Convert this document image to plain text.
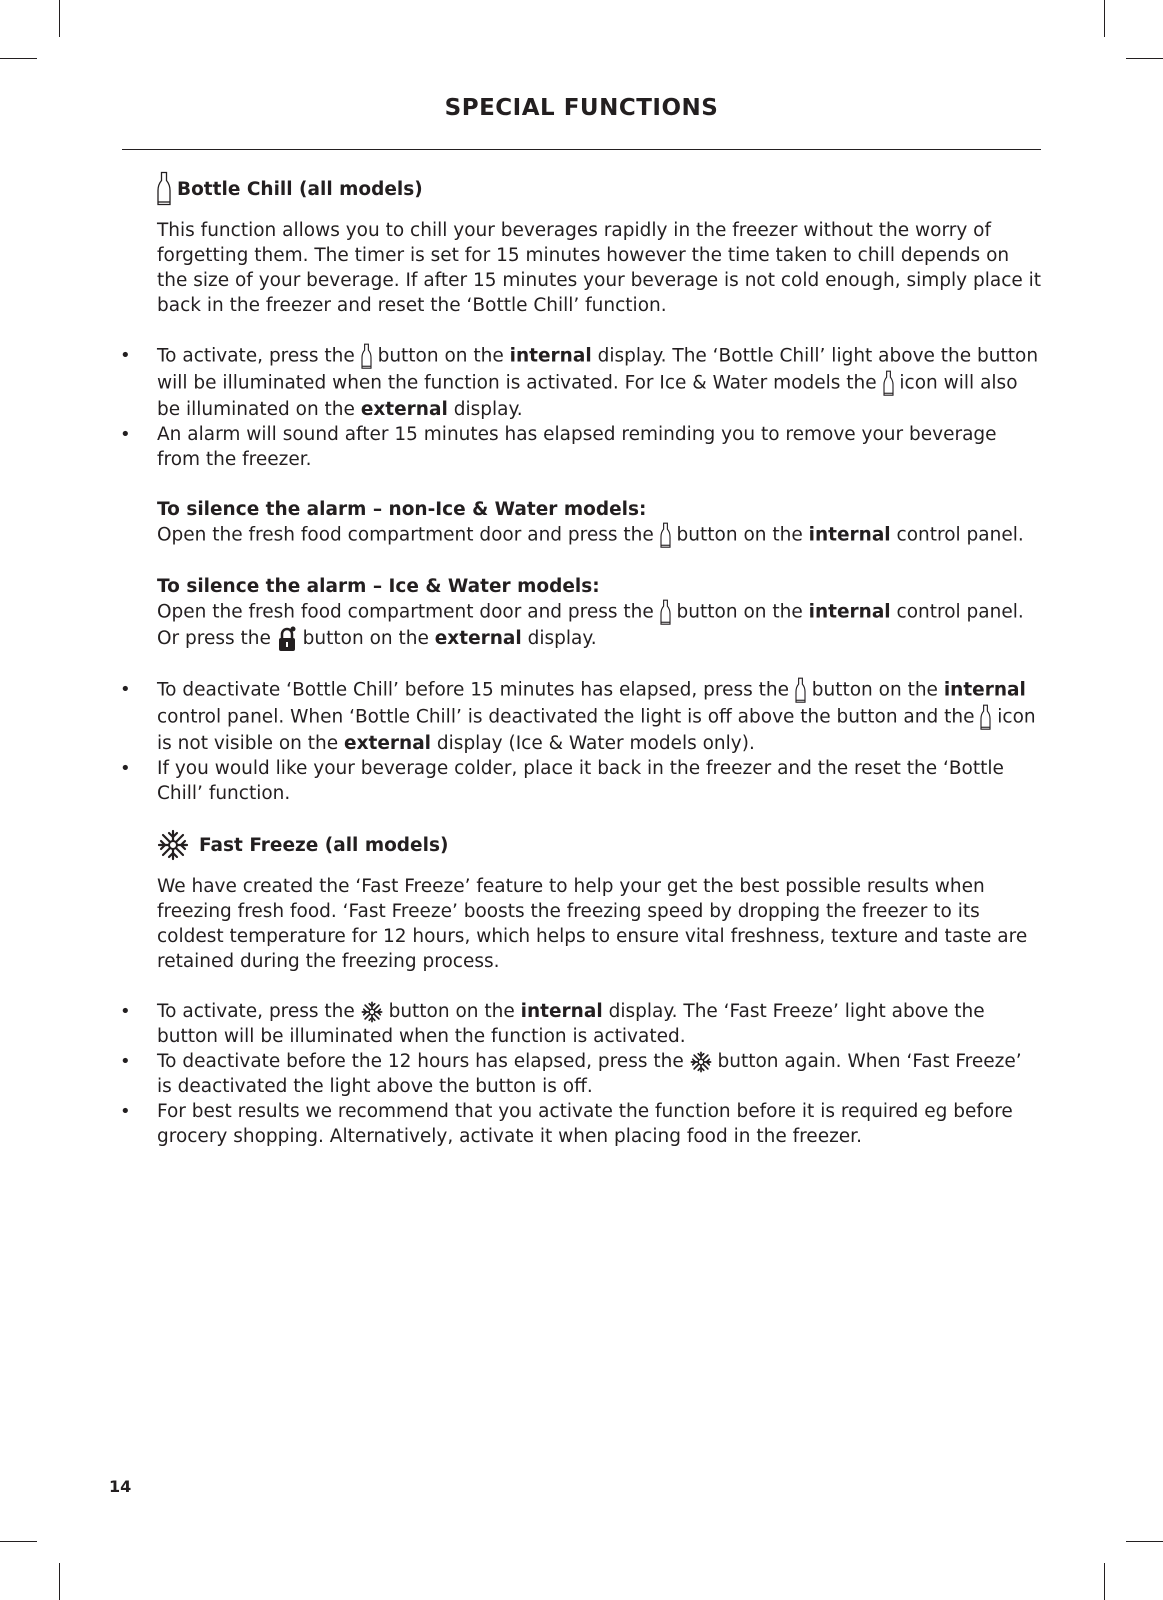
SPECIAL FUNCTIONS
Bottle Chill (all models)

This function allows you to chill your beverages rapidly in the freezer without the worry of forgetting them. The timer is set for 15 minutes however the time taken to chill depends on the size of your beverage. If after 15 minutes your beverage is not cold enough, simply place it back in the freezer and reset the ‘Bottle Chill’ function.

• To activate, press the button on the internal display. The ‘Bottle Chill’ light above the button will be illuminated when the function is activated. For Ice & Water models the icon will also be illuminated on the external display.
• An alarm will sound after 15 minutes has elapsed reminding you to remove your beverage from the freezer.

To silence the alarm – non-Ice & Water models:

Open the fresh food compartment door and press the button on the internal control panel.

To silence the alarm – Ice & Water models:

Open the fresh food compartment door and press the button on the internal control panel. Or press the button on the external display.

• To deactivate ‘Bottle Chill’ before 15 minutes has elapsed, press the button on the internal control panel. When ‘Bottle Chill’ is deactivated the light is off above the button and the icon is not visible on the external display (Ice & Water models only).
• If you would like your beverage colder, place it back in the freezer and the reset the ‘Bottle Chill’ function.
Fast Freeze (all models)

We have created the ‘Fast Freeze’ feature to help your get the best possible results when freezing fresh food. ‘Fast Freeze’ boosts the freezing speed by dropping the freezer to its coldest temperature for 12 hours, which helps to ensure vital freshness, texture and taste are retained during the freezing process.

• To activate, press the button on the internal display. The ‘Fast Freeze’ light above the button will be illuminated when the function is activated.
• To deactivate before the 12 hours has elapsed, press the button again. When ‘Fast Freeze’ is deactivated the light above the button is off.
• For best results we recommend that you activate the function before it is required eg before grocery shopping. Alternatively, activate it when placing food in the freezer.
14
